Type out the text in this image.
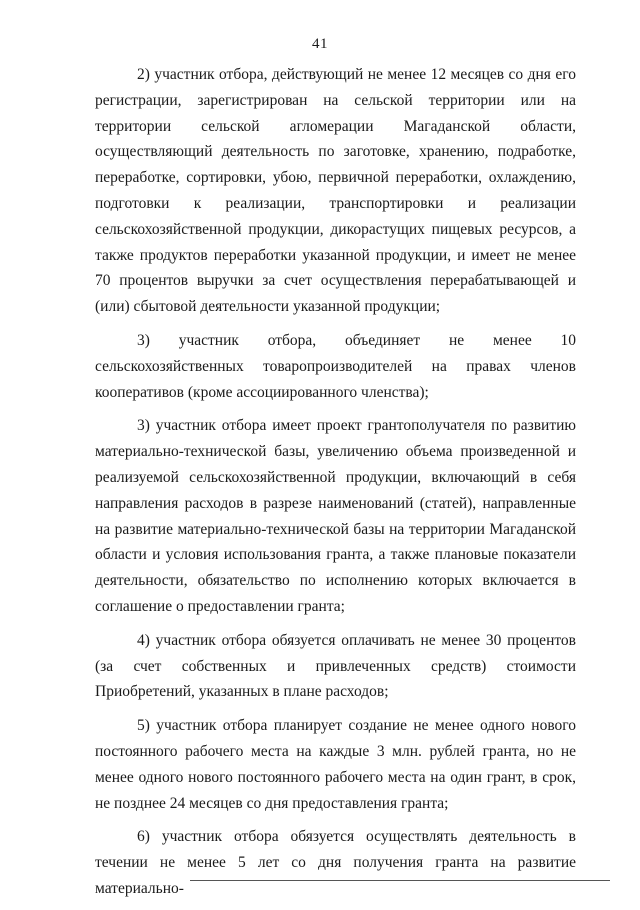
41

2) участник отбора, действующий не менее 12 месяцев со дня его регистрации, зарегистрирован на сельской территории или на территории сельской агломерации Магаданской области, осуществляющий деятельность по заготовке, хранению, подработке, переработке, сортировки, убою, первичной переработки, охлаждению, подготовки к реализации, транспортировки и реализации сельскохозяйственной продукции, дикорастущих пищевых ресурсов, а также продуктов переработки указанной продукции, и имеет не менее 70 процентов выручки за счет осуществления перерабатывающей и (или) сбытовой деятельности указанной продукции;

3) участник отбора, объединяет не менее 10 сельскохозяйственных товаропроизводителей на правах членов кооперативов (кроме ассоциированного членства);

3) участник отбора имеет проект грантополучателя по развитию материально-технической базы, увеличению объема произведенной и реализуемой сельскохозяйственной продукции, включающий в себя направления расходов в разрезе наименований (статей), направленные на развитие материально-технической базы на территории Магаданской области и условия использования гранта, а также плановые показатели деятельности, обязательство по исполнению которых включается в соглашение о предоставлении гранта;

4) участник отбора обязуется оплачивать не менее 30 процентов (за счет собственных и привлеченных средств) стоимости Приобретений, указанных в плане расходов;

5) участник отбора планирует создание не менее одного нового постоянного рабочего места на каждые 3 млн. рублей гранта, но не менее одного нового постоянного рабочего места на один грант, в срок, не позднее 24 месяцев со дня предоставления гранта;

6) участник отбора обязуется осуществлять деятельность в течении не менее 5 лет со дня получения гранта на развитие материально-
